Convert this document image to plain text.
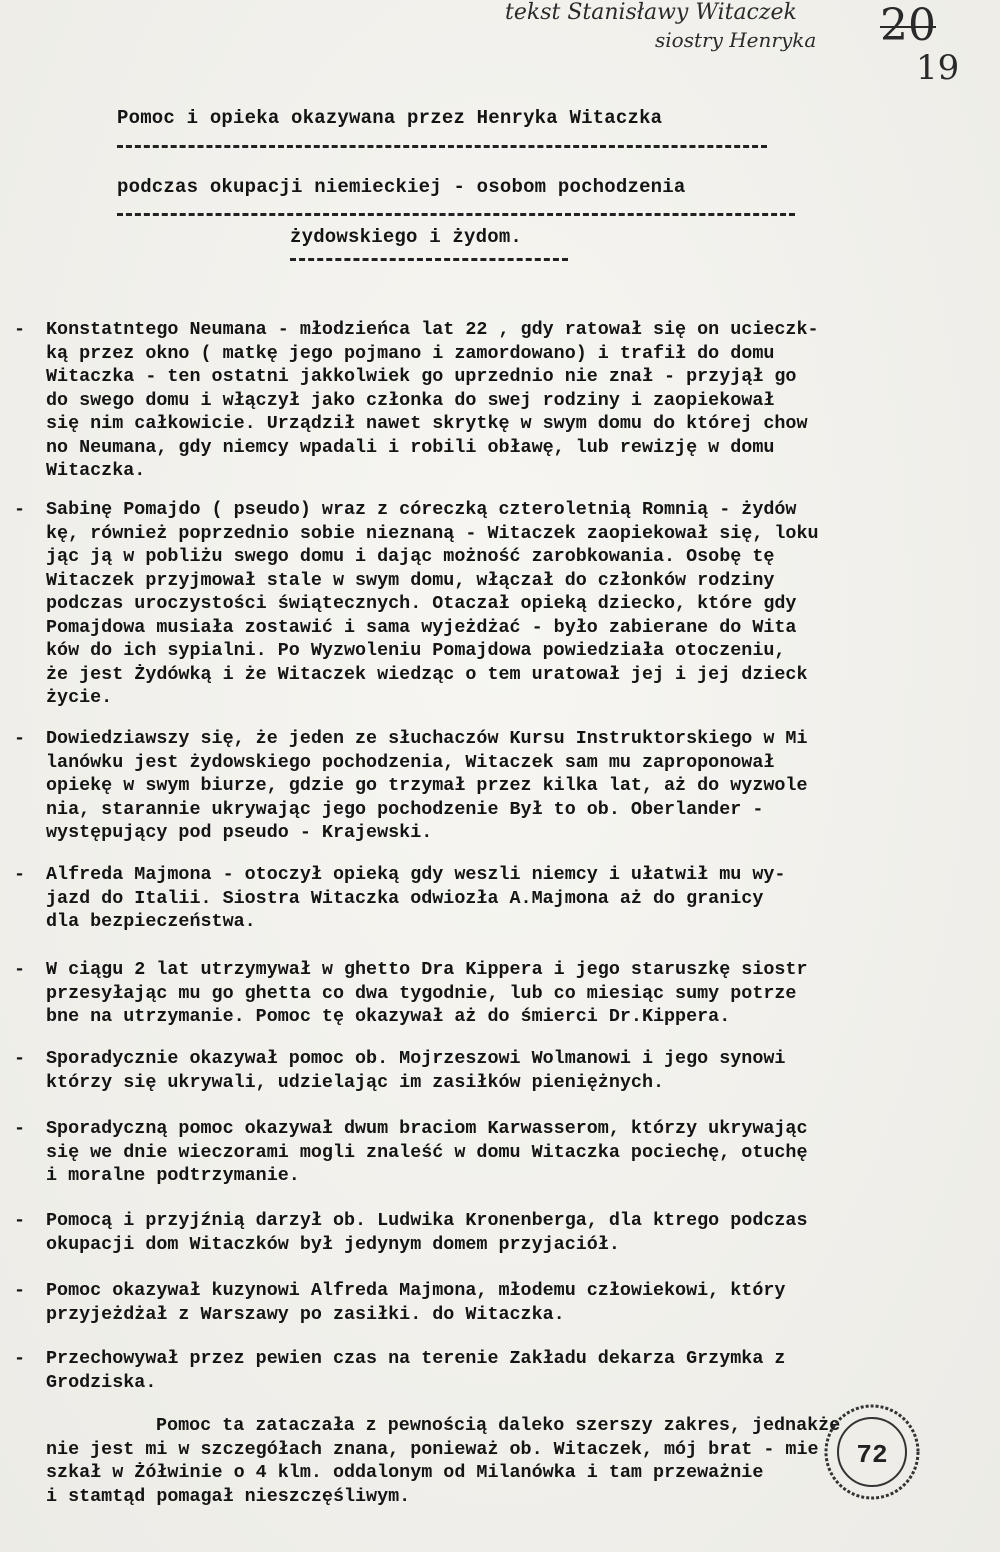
tekst Stanisławy Witaczek
siostry Henryka 20
19
Pomoc i opieka okazywana przez Henryka Witaczka
podczas okupacji niemieckiej - osobom pochodzenia
żydowskiego i żydom.
- Konstatntego Neumana - młodzieńca lat 22 , gdy ratował się on ucieczk-
ką przez okno ( matkę jego pojmano i zamordowano) i trafił do domu
Witaczka - ten ostatni jakkolwiek go uprzednio nie znał - przyjął go
do swego domu i włączył jako członka do swej rodziny i zaopiekował
się nim całkowicie. Urządził nawet skrytkę w swym domu do której chow
no Neumana, gdy niemcy wpadali i robili obławę, lub rewizję w domu
Witaczka.
- Sabinę Pomajdo ( pseudo) wraz z córeczką czteroletnią Romnią - żydów
kę, również poprzednio sobie nieznaną - Witaczek zaopiekował się, loku
jąc ją w pobliżu swego domu i dając możność zarobkowania. Osobę tę
Witaczek przyjmował stale w swym domu, włączał do członków rodziny
podczas uroczystości świątecznych. Otaczał opieką dziecko, które gdy
Pomajdowa musiała zostawić i sama wyjeżdżać - było zabierane do Wita
ków do ich sypialni. Po Wyzwoleniu Pomajdowa powiedziała otoczeniu,
że jest Żydówką i że Witaczek wiedząc o tem uratował jej i jej dzieck
życie.
- Dowiedziawszy się, że jeden ze słuchaczów Kursu Instruktorskiego w Mi
lanówku jest żydowskiego pochodzenia, Witaczek sam mu zaproponował
opiekę w swym biurze, gdzie go trzymał przez kilka lat, aż do wyzwole
nia, starannie ukrywając jego pochodzenie Był to ob. Oberlander -
występujący pod pseudo - Krajewski.
- Alfreda Majmona - otoczył opieką gdy weszli niemcy i ułatwił mu wy-
jazd do Italii. Siostra Witaczka odwiozła A.Majmona aż do granicy
dla bezpieczeństwa.
- W ciągu 2 lat utrzymywał w ghetto Dra Kippera i jego staruszkę siostr
przesyłając mu go ghetta co dwa tygodnie, lub co miesiąc sumy potrze
bne na utrzymanie. Pomoc tę okazywał aż do śmierci Dr.Kippera.
- Sporadycznie okazywał pomoc ob. Mojrzeszowi Wolmanowi i jego synowi
którzy się ukrywali, udzielając im zasiłków pieniężnych.
- Sporadyczną pomoc okazywał dwum braciom Karwasserom, którzy ukrywając
się we dnie wieczorami mogli znaleść w domu Witaczka pociechę, otuchę
i moralne podtrzymanie.
- Pomocą i przyjźnią darzył ob. Ludwika Kronenberga, dla ktrego podczas
okupacji dom Witaczków był jedynym domem przyjaciół.
- Pomoc okazywał kuzynowi Alfreda Majmona, młodemu człowiekowi, który
przyjeżdżał z Warszawy po zasiłki. do Witaczka.
- Przechowywał przez pewien czas na terenie Zakładu dekarza Grzymka z
Grodziska.
Pomoc ta zataczała z pewnością daleko szerszy zakres, jednakże
nie jest mi w szczegółach znana, ponieważ ob. Witaczek, mój brat - mie
szkał w Żółwinie o 4 klm. oddalonym od Milanówka i tam przeważnie
i stamtąd pomagał nieszczęśliwym.
72
